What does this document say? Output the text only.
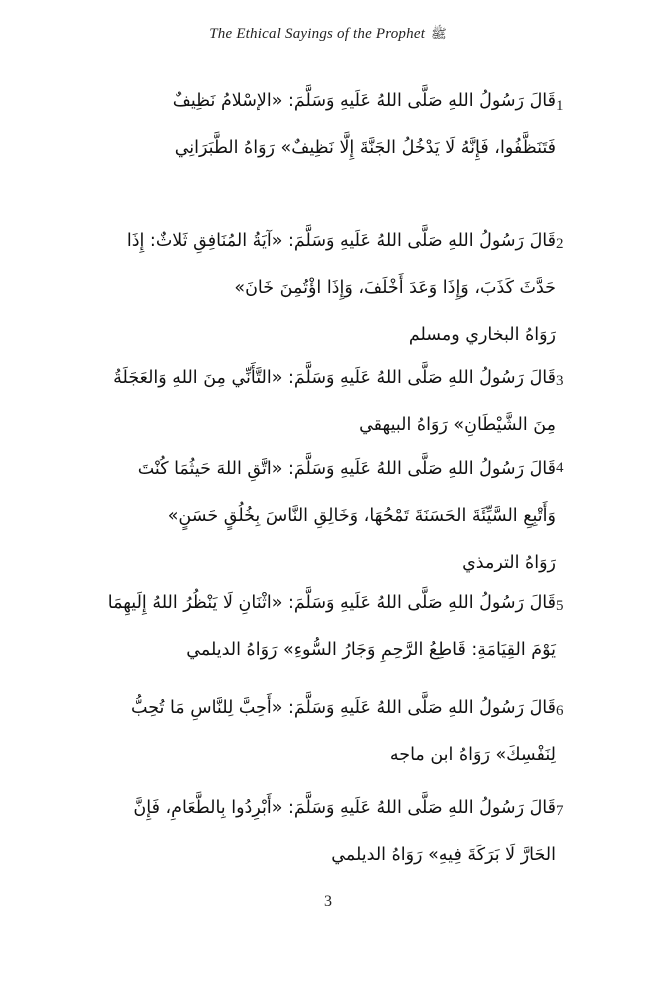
The Ethical Sayings of the Prophet ﷺ
1

قَالَ رَسُولُ اللهِ صَلَّى اللهُ عَلَيهِ وَسَلَّمَ: «الإسْلامُ نَظِيفٌ

فَتَنَظَّفُوا، فَإِنَّهُ لَا يَدْخُلُ الجَنَّةَ إِلَّا نَظِيفٌ» رَوَاهُ الطَّبَرَانِي

2

قَالَ رَسُولُ اللهِ صَلَّى اللهُ عَلَيهِ وَسَلَّمَ: «آيَةُ المُنَافِقِ ثَلاثٌ: إِذَا

حَدَّثَ كَذَبَ، وَإِذَا وَعَدَ أَخْلَفَ، وَإِذَا اؤْتُمِنَ خَانَ»

رَوَاهُ البخاري ومسلم

3

قَالَ رَسُولُ اللهِ صَلَّى اللهُ عَلَيهِ وَسَلَّمَ: «التَّأَنِّي مِنَ اللهِ وَالعَجَلَةُ

مِنَ الشَّيْطَانِ» رَوَاهُ البيهقي

4

قَالَ رَسُولُ اللهِ صَلَّى اللهُ عَلَيهِ وَسَلَّمَ: «اتَّقِ اللهَ حَيثُمَا كُنْتَ

وَأَتْبِعِ السَّيِّئَةَ الحَسَنَةَ تَمْحُهَا، وَخَالِقِ النَّاسَ بِخُلُقٍ حَسَنٍ»

رَوَاهُ الترمذي

5

قَالَ رَسُولُ اللهِ صَلَّى اللهُ عَلَيهِ وَسَلَّمَ: «اثْنَانِ لَا يَنْظُرُ اللهُ إِلَيهِمَا

يَوْمَ القِيَامَةِ: قَاطِعُ الرَّحِمِ وَجَارُ السُّوءِ» رَوَاهُ الديلمي

6

قَالَ رَسُولُ اللهِ صَلَّى اللهُ عَلَيهِ وَسَلَّمَ: «أَحِبَّ لِلنَّاسِ مَا تُحِبُّ

لِنَفْسِكَ» رَوَاهُ ابن ماجه

7

قَالَ رَسُولُ اللهِ صَلَّى اللهُ عَلَيهِ وَسَلَّمَ: «أَبْرِدُوا بِالطَّعَامِ، فَإِنَّ

الحَارَّ لَا بَرَكَةَ فِيهِ» رَوَاهُ الديلمي

3
